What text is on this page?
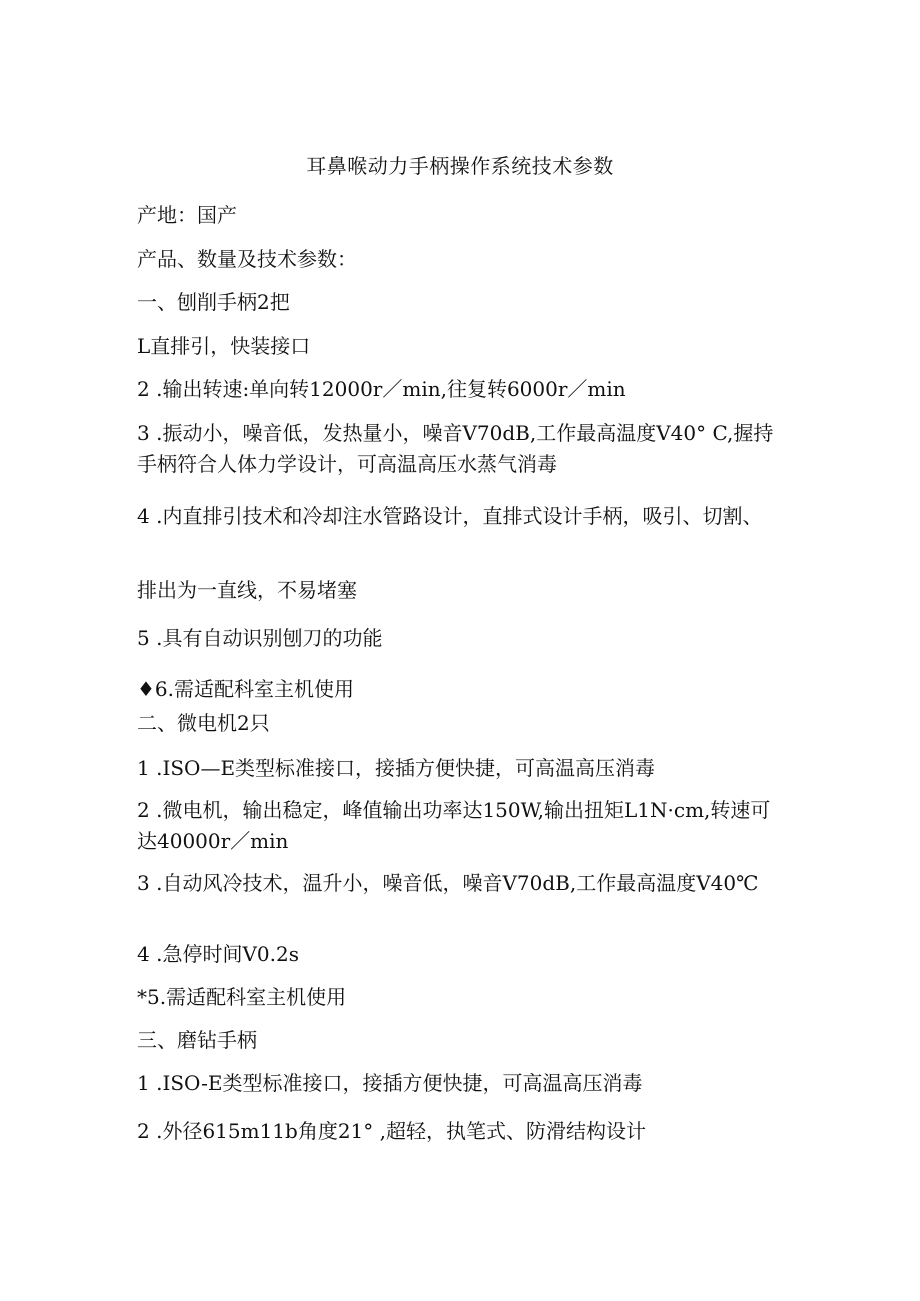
耳鼻喉动力手柄操作系统技术参数
产地：国产
产品、数量及技术参数：
一、刨削手柄2把
L直排引，快装接口
2 .输出转速:单向转12000r／min,往复转6000r／min
3 .振动小，噪音低，发热量小，噪音V70dB,工作最高温度V40° C,握持手柄符合人体力学设计，可高温高压水蒸气消毒
4 .内直排引技术和冷却注水管路设计，直排式设计手柄，吸引、切割、
排出为一直线，不易堵塞
5 .具有自动识别刨刀的功能
♦6.需适配科室主机使用
二、微电机2只
1 .ISO—E类型标准接口，接插方便快捷，可高温高压消毒
2 .微电机，输出稳定，峰值输出功率达150W,输出扭矩L1N·cm,转速可达40000r／min
3 .自动风冷技术，温升小，噪音低，噪音V70dB,工作最高温度V40℃
4 .急停时间V0.2s
*5.需适配科室主机使用
三、磨钻手柄
1 .ISO-E类型标准接口，接插方便快捷，可高温高压消毒
2 .外径615m11b角度21° ,超轻，执笔式、防滑结构设计
